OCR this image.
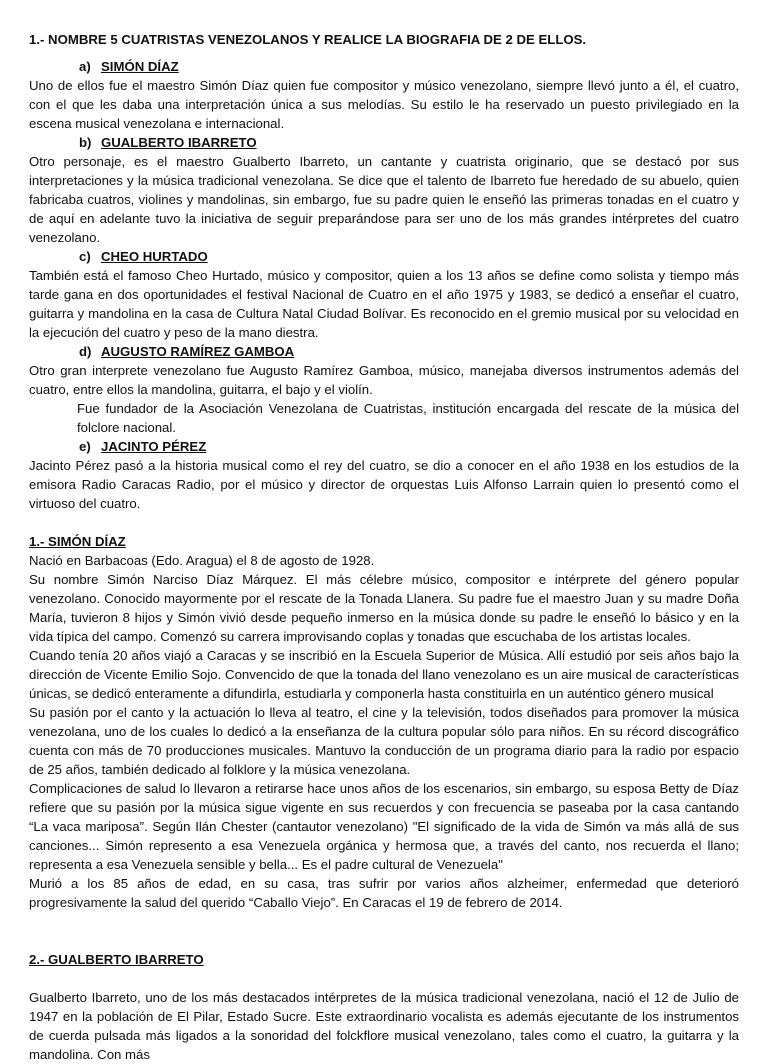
1.- NOMBRE 5 CUATRISTAS VENEZOLANOS Y REALICE LA BIOGRAFIA DE 2 DE ELLOS.
a) SIMÓN DÍAZ

Uno de ellos fue el maestro Simón Díaz quien fue compositor y músico venezolano, siempre llevó junto a él, el cuatro, con el que les daba una interpretación única a sus melodías. Su estilo le ha reservado un puesto privilegiado en la escena musical venezolana e internacional.

b) GUALBERTO IBARRETO

Otro personaje, es el maestro Gualberto Ibarreto, un cantante y cuatrista originario, que se destacó por sus interpretaciones y la música tradicional venezolana. Se dice que el talento de Ibarreto fue heredado de su abuelo, quien fabricaba cuatros, violines y mandolinas, sin embargo, fue su padre quien le enseñó las primeras tonadas en el cuatro y de aquí en adelante tuvo la iniciativa de seguir preparándose para ser uno de los más grandes intérpretes del cuatro venezolano.

c) CHEO HURTADO

También está el famoso Cheo Hurtado, músico y compositor, quien a los 13 años se define como solista y tiempo más tarde gana en dos oportunidades el festival Nacional de Cuatro en el año 1975 y 1983, se dedicó a enseñar el cuatro, guitarra y mandolina en la casa de Cultura Natal Ciudad Bolívar. Es reconocido en el gremio musical por su velocidad en la ejecución del cuatro y peso de la mano diestra.

d) AUGUSTO RAMÍREZ GAMBOA

Otro gran interprete venezolano fue Augusto Ramírez Gamboa, músico, manejaba diversos instrumentos además del cuatro, entre ellos la mandolina, guitarra, el bajo y el violín.

Fue fundador de la Asociación Venezolana de Cuatristas, institución encargada del rescate de la música del folclore nacional.

e) JACINTO PÉREZ

Jacinto Pérez pasó a la historia musical como el rey del cuatro, se dio a conocer en el año 1938 en los estudios de la emisora Radio Caracas Radio, por el músico y director de orquestas Luis Alfonso Larrain quien lo presentó como el virtuoso del cuatro.

1.- SIMÓN DÍAZ

Nació en Barbacoas (Edo. Aragua) el 8 de agosto de 1928.

Su nombre Simón Narciso Díaz Márquez. El más célebre músico, compositor e intérprete del género popular venezolano. Conocido mayormente por el rescate de la Tonada Llanera. Su padre fue el maestro Juan y su madre Doña María, tuvieron 8 hijos y Simón vivió desde pequeño inmerso en la música donde su padre le enseñó lo básico y en la vida típica del campo. Comenzó su carrera improvisando coplas y tonadas que escuchaba de los artistas locales.

Cuando tenía 20 años viajó a Caracas y se inscribió en la Escuela Superior de Música. Allí estudió por seis años bajo la dirección de Vicente Emilio Sojo. Convencido de que la tonada del llano venezolano es un aire musical de características únicas, se dedicó enteramente a difundirla, estudiarla y componerla hasta constituirla en un auténtico género musical

Su pasión por el canto y la actuación lo lleva al teatro, el cine y la televisión, todos diseñados para promover la música venezolana, uno de los cuales lo dedicó a la enseñanza de la cultura popular sólo para niños. En su récord discográfico cuenta con más de 70 producciones musicales. Mantuvo la conducción de un programa diario para la radio por espacio de 25 años, también dedicado al folklore y la música venezolana.

Complicaciones de salud lo llevaron a retirarse hace unos años de los escenarios, sin embargo, su esposa Betty de Díaz refiere que su pasión por la música sigue vigente en sus recuerdos y con frecuencia se paseaba por la casa cantando “La vaca mariposa”. Según Ilán Chester (cantautor venezolano) "El significado de la vida de Simón va más allá de sus canciones... Simón represento a esa Venezuela orgánica y hermosa que, a través del canto, nos recuerda el llano; representa a esa Venezuela sensible y bella... Es el padre cultural de Venezuela"

Murió a los 85 años de edad, en su casa, tras sufrir por varios años alzheimer, enfermedad que deterioró progresivamente la salud del querido “Caballo Viejo”. En Caracas el 19 de febrero de 2014.

2.- GUALBERTO IBARRETO

Gualberto Ibarreto, uno de los más destacados intérpretes de la música tradicional venezolana, nació el 12 de Julio de 1947 en la población de El Pilar, Estado Sucre. Este extraordinario vocalista es además ejecutante de los instrumentos de cuerda pulsada más ligados a la sonoridad del folckflore musical venezolano, tales como el cuatro, la guitarra y la mandolina. Con más
